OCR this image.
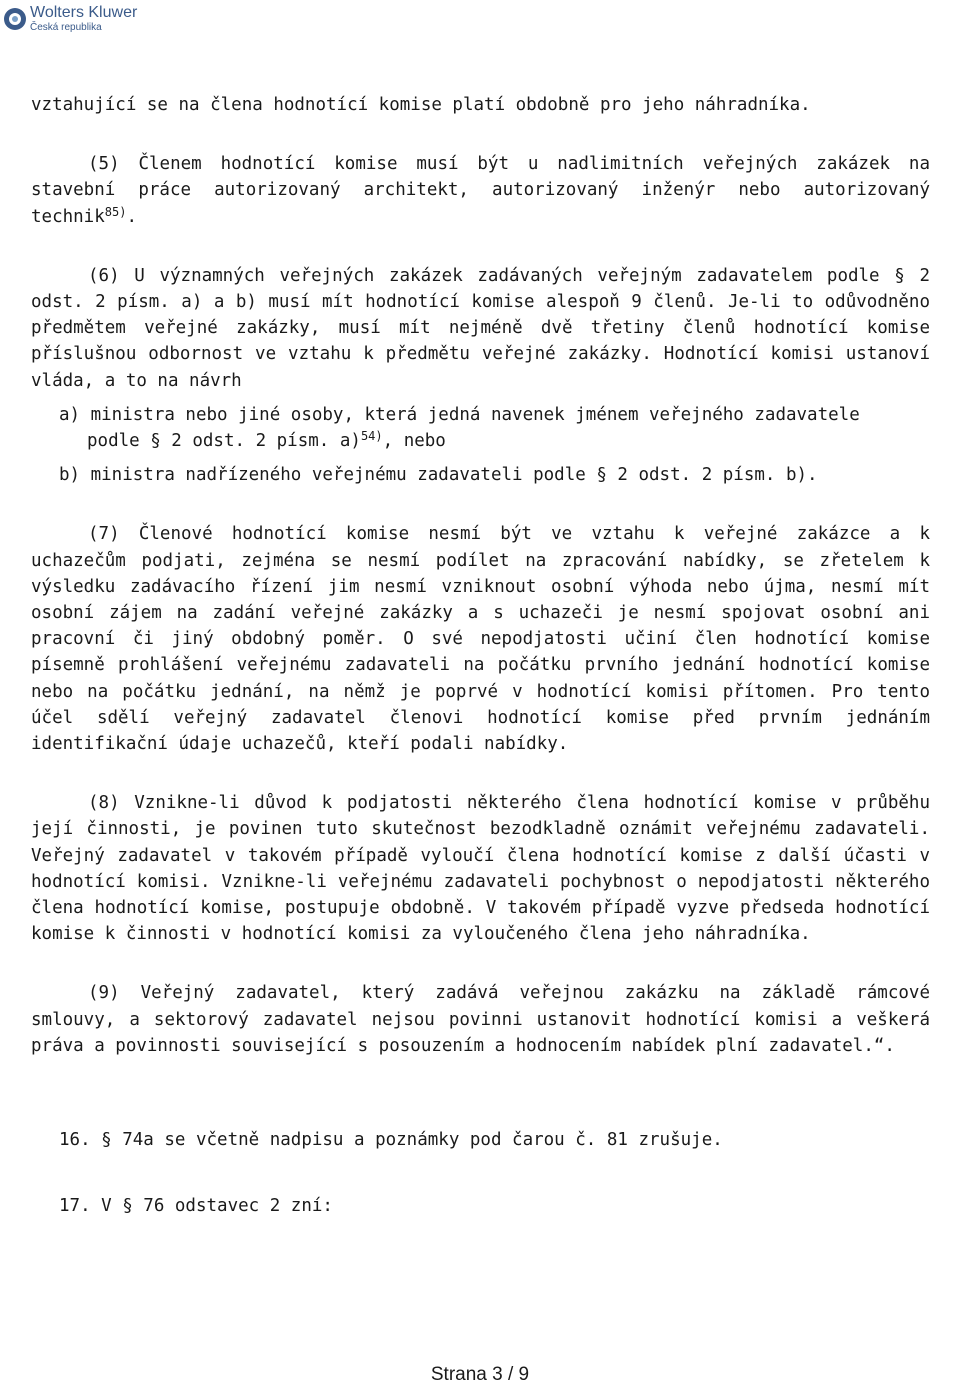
Wolters Kluwer
Česká republika

vztahující se na člena hodnotící komise platí obdobně pro jeho náhradníka.

(5) Členem hodnotící komise musí být u nadlimitních veřejných zakázek na stavební práce autorizovaný architekt, autorizovaný inženýr nebo autorizovaný technik$^{85)}$.

(6) U významných veřejných zakázek zadávaných veřejným zadavatelem podle § 2 odst. 2 písm. a) a b) musí mít hodnotící komise alespoň 9 členů. Je-li to odůvodněno předmětem veřejné zakázky, musí mít nejméně dvě třetiny členů hodnotící komise příslušnou odbornost ve vztahu k předmětu veřejné zakázky. Hodnotící komisi ustanoví vláda, a to na návrh

a) ministra nebo jiné osoby, která jedná navenek jménem veřejného zadavatele
podle § 2 odst. 2 písm. a)$^{54)}$, nebo
b) ministra nadřízeného veřejnému zadavateli podle § 2 odst. 2 písm. b).

(7) Členové hodnotící komise nesmí být ve vztahu k veřejné zakázce a k uchazečům podjati, zejména se nesmí podílet na zpracování nabídky, se zřetelem k výsledku zadávacího řízení jim nesmí vzniknout osobní výhoda nebo újma, nesmí mít osobní zájem na zadání veřejné zakázky a s uchazeči je nesmí spojovat osobní ani pracovní či jiný obdobný poměr. O své nepodjatosti učiní člen hodnotící komise písemně prohlášení veřejnému zadavateli na počátku prvního jednání hodnotící komise nebo na počátku jednání, na němž je poprvé v hodnotící komisi přítomen. Pro tento účel sdělí veřejný zadavatel členovi hodnotící komise před prvním jednáním identifikační údaje uchazečů, kteří podali nabídky.

(8) Vznikne-li důvod k podjatosti některého člena hodnotící komise v průběhu její činnosti, je povinen tuto skutečnost bezodkladně oznámit veřejnému zadavateli. Veřejný zadavatel v takovém případě vyloučí člena hodnotící komise z další účasti v hodnotící komisi. Vznikne-li veřejnému zadavateli pochybnost o nepodjatosti některého člena hodnotící komise, postupuje obdobně. V takovém případě vyzve předseda hodnotící komise k činnosti v hodnotící komisi za vyloučeného člena jeho náhradníka.

(9) Veřejný zadavatel, který zadává veřejnou zakázku na základě rámcové smlouvy, a sektorový zadavatel nejsou povinni ustanovit hodnotící komisi a veškerá práva a povinnosti související s posouzením a hodnocením nabídek plní zadavatel.“.

16. § 74a se včetně nadpisu a poznámky pod čarou č. 81 zrušuje.
17. V § 76 odstavec 2 zní:
Strana 3 / 9
